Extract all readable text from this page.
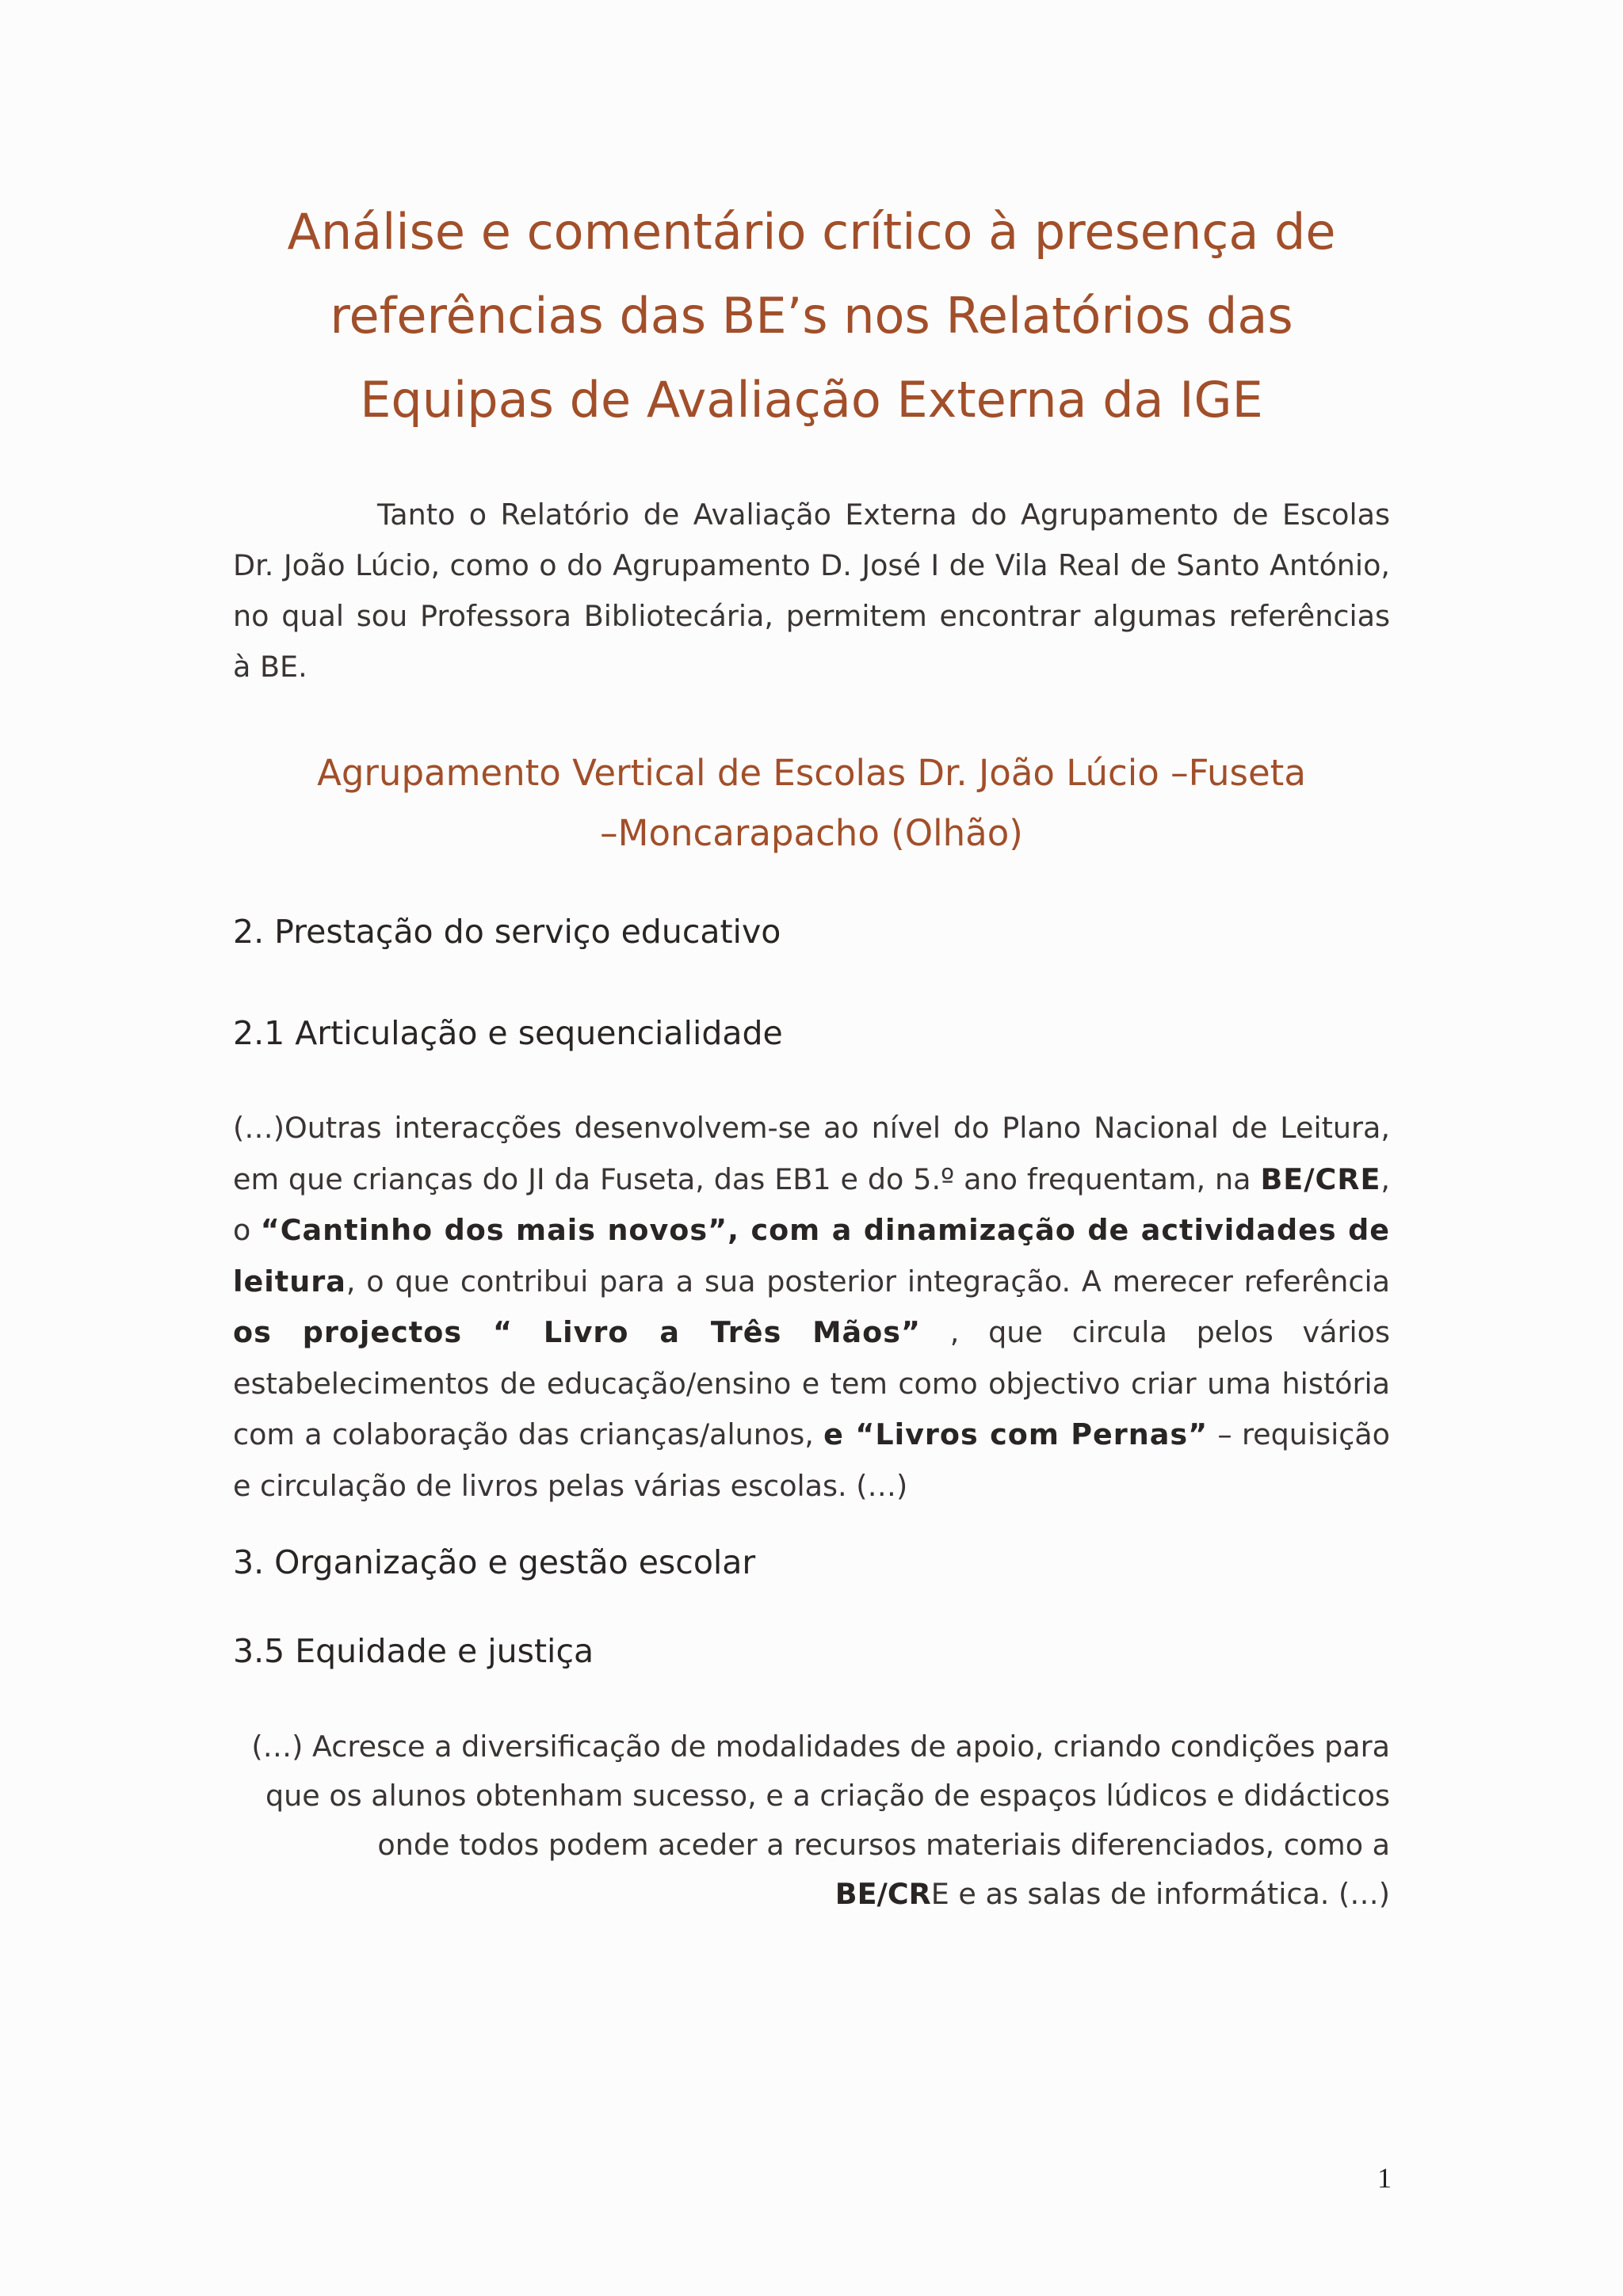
Análise e comentário crítico à presença de
referências das BE’s nos Relatórios das
Equipas de Avaliação Externa da IGE
Tanto o Relatório de Avaliação Externa do Agrupamento de Escolas Dr. João Lúcio, como o do Agrupamento D. José I de Vila Real de Santo António, no qual sou Professora Bibliotecária, permitem encontrar algumas referências à BE.
Agrupamento Vertical de Escolas Dr. João Lúcio –Fuseta
–Moncarapacho (Olhão)
2. Prestação do serviço educativo
2.1 Articulação e sequencialidade
(…)Outras interacções desenvolvem-se ao nível do Plano Nacional de Leitura, em que crianças do JI da Fuseta, das EB1 e do 5.º ano frequentam, na BE/CRE, o “Cantinho dos mais novos”, com a dinamização de actividades de leitura, o que contribui para a sua posterior integração. A merecer referência os projectos “ Livro a Três Mãos” , que circula pelos vários estabelecimentos de educação/ensino e tem como objectivo criar uma história com a colaboração das crianças/alunos, e “Livros com Pernas” – requisição e circulação de livros pelas várias escolas. (…)
3. Organização e gestão escolar
3.5 Equidade e justiça
(…) Acresce a diversificação de modalidades de apoio, criando condições para
que os alunos obtenham sucesso, e a criação de espaços lúdicos e didácticos
onde todos podem aceder a recursos materiais diferenciados, como a
BE/CRE e as salas de informática. (…)
1
